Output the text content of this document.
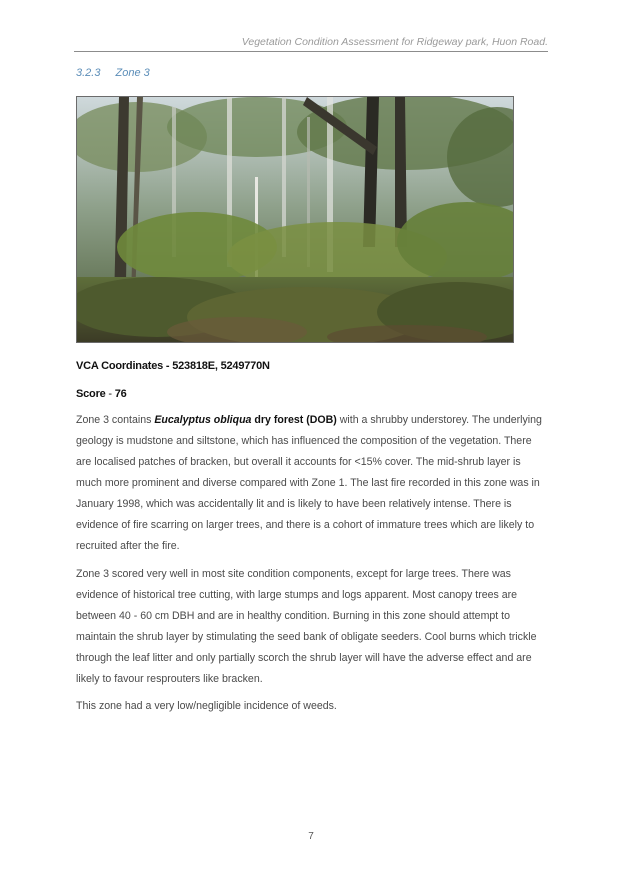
Vegetation Condition Assessment for Ridgeway park, Huon Road.
3.2.3 Zone 3
VCA Coordinates - 523818E, 5249770N
Score - 76

Zone 3 contains Eucalyptus obliqua dry forest (DOB) with a shrubby understorey. The underlying geology is mudstone and siltstone, which has influenced the composition of the vegetation. There are localised patches of bracken, but overall it accounts for <15% cover. The mid-shrub layer is much more prominent and diverse compared with Zone 1. The last fire recorded in this zone was in January 1998, which was accidentally lit and is likely to have been relatively intense. There is evidence of fire scarring on larger trees, and there is a cohort of immature trees which are likely to recruited after the fire.

Zone 3 scored very well in most site condition components, except for large trees. There was evidence of historical tree cutting, with large stumps and logs apparent. Most canopy trees are between 40 - 60 cm DBH and are in healthy condition. Burning in this zone should attempt to maintain the shrub layer by stimulating the seed bank of obligate seeders. Cool burns which trickle through the leaf litter and only partially scorch the shrub layer will have the adverse effect and are likely to favour resprouters like bracken.

This zone had a very low/negligible incidence of weeds.

7
